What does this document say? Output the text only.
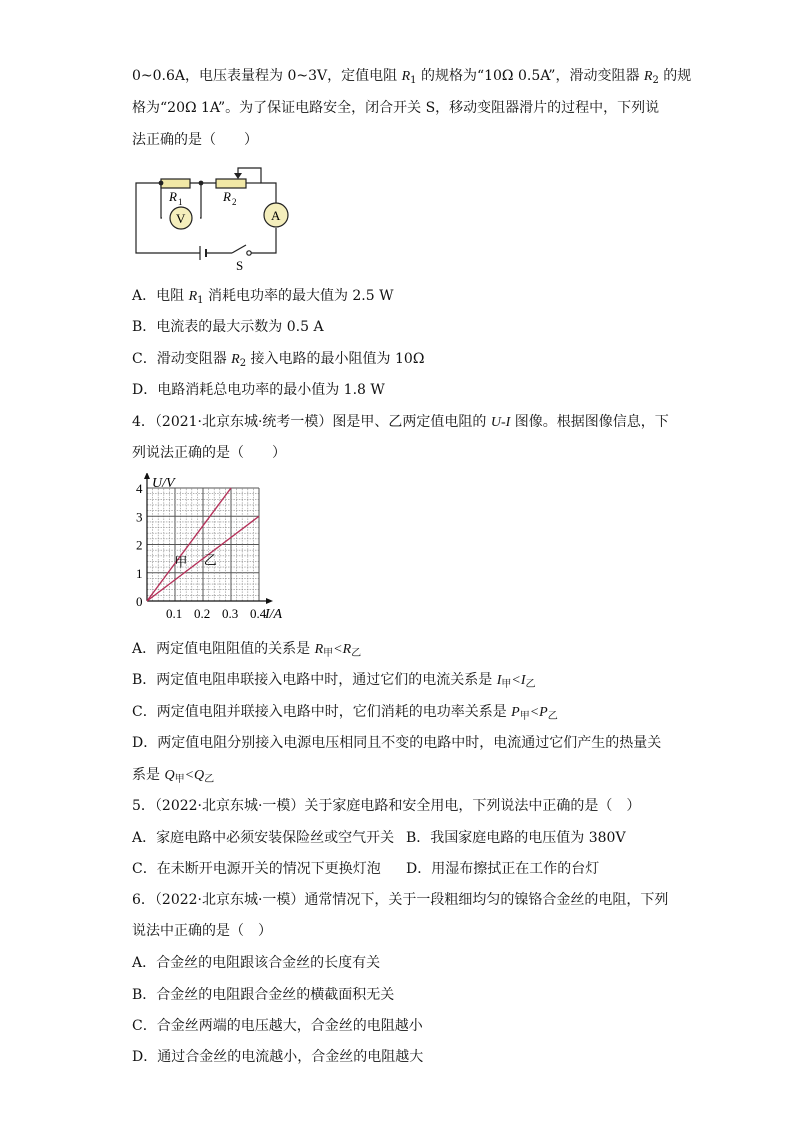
0~0.6A，电压表量程为 0~3V，定值电阻 $R_1$ 的规格为“10Ω 0.5A”，滑动变阻器 $R_2$ 的规
格为“20Ω 1A”。为了保证电路安全，闭合开关 S，移动变阻器滑片的过程中，下列说
法正确的是（　　）
V	A
R 1	R 2
S
A．电阻 $R_1$ 消耗电功率的最大值为 2.5 W
B．电流表的最大示数为 0.5 A
C．滑动变阻器 $R_2$ 接入电路的最小阻值为 10Ω
D．电路消耗总电功率的最小值为 1.8 W
4．（2021·北京东城·统考一模）图是甲、乙两定值电阻的 U-I 图像。根据图像信息，下
列说法正确的是（　　）
U/V
I/A
0
1
2
3
4
0.1 0.2 0.3 0.4
甲 乙
A．两定值电阻阻值的关系是 $R_甲<R_乙$
B．两定值电阻串联接入电路中时，通过它们的电流关系是 $I_甲<I_乙$
C．两定值电阻并联接入电路中时，它们消耗的电功率关系是 $P_甲<P_乙$
D．两定值电阻分别接入电源电压相同且不变的电路中时，电流通过它们产生的热量关
系是 $Q_甲<Q_乙$
5．（2022·北京东城·一模）关于家庭电路和安全用电，下列说法中正确的是（　）
A．家庭电路中必须安装保险丝或空气开关 B．我国家庭电路的电压值为 380V
C．在未断开电源开关的情况下更换灯泡 D．用湿布擦拭正在工作的台灯
6．（2022·北京东城·一模）通常情况下，关于一段粗细均匀的镍铬合金丝的电阻，下列
说法中正确的是（　）
A．合金丝的电阻跟该合金丝的长度有关
B．合金丝的电阻跟合金丝的横截面积无关
C．合金丝两端的电压越大，合金丝的电阻越小
D．通过合金丝的电流越小，合金丝的电阻越大
